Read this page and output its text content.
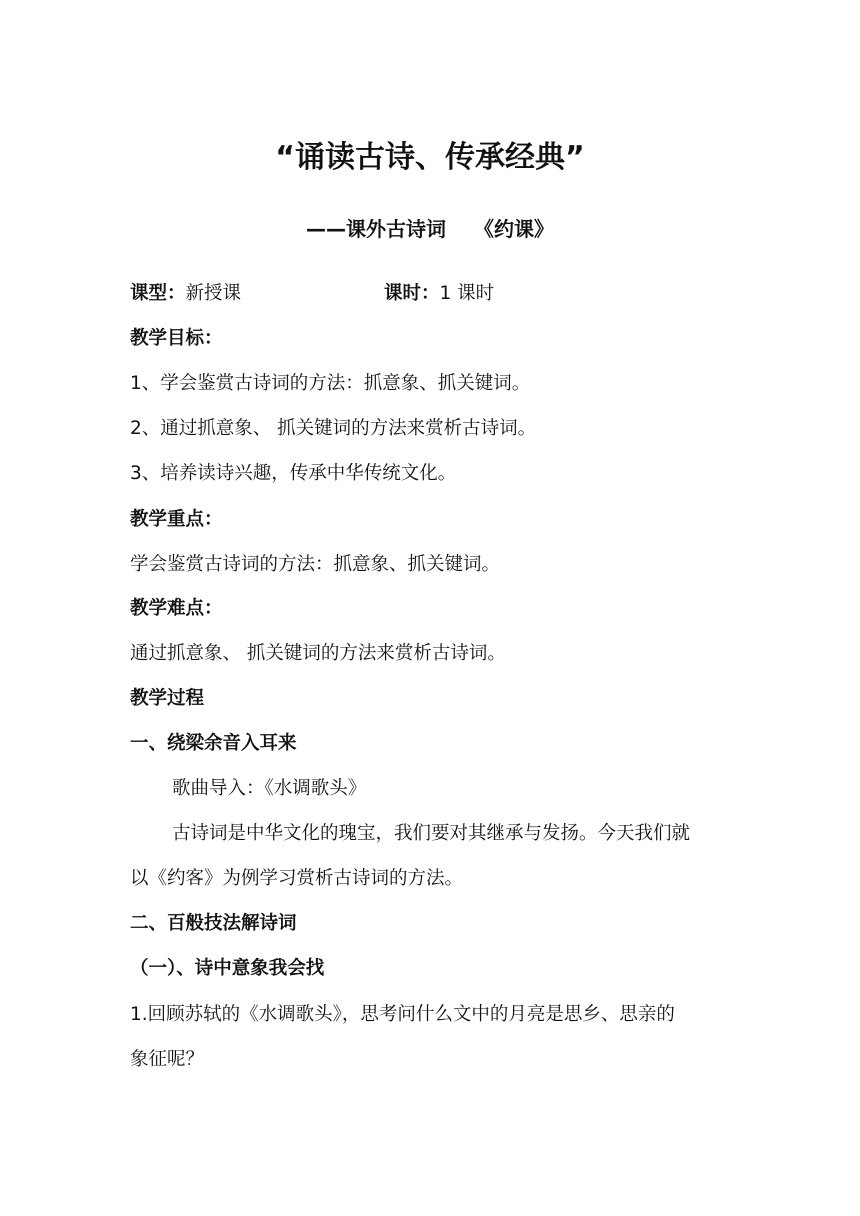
“诵读古诗、传承经典”
——课外古诗词 《约课》
课型：新授课	课时：1 课时
教学目标：
1、学会鉴赏古诗词的方法：抓意象、抓关键词。
2、通过抓意象、 抓关键词的方法来赏析古诗词。
3、培养读诗兴趣，传承中华传统文化。
教学重点：
学会鉴赏古诗词的方法：抓意象、抓关键词。
教学难点：
通过抓意象、 抓关键词的方法来赏析古诗词。
教学过程
一、绕梁余音入耳来
歌曲导入：《水调歌头》
古诗词是中华文化的瑰宝，我们要对其继承与发扬。今天我们就
以《约客》为例学习赏析古诗词的方法。
二、百般技法解诗词
（一）、诗中意象我会找
1.回顾苏轼的《水调歌头》，思考问什么文中的月亮是思乡、思亲的
象征呢？
